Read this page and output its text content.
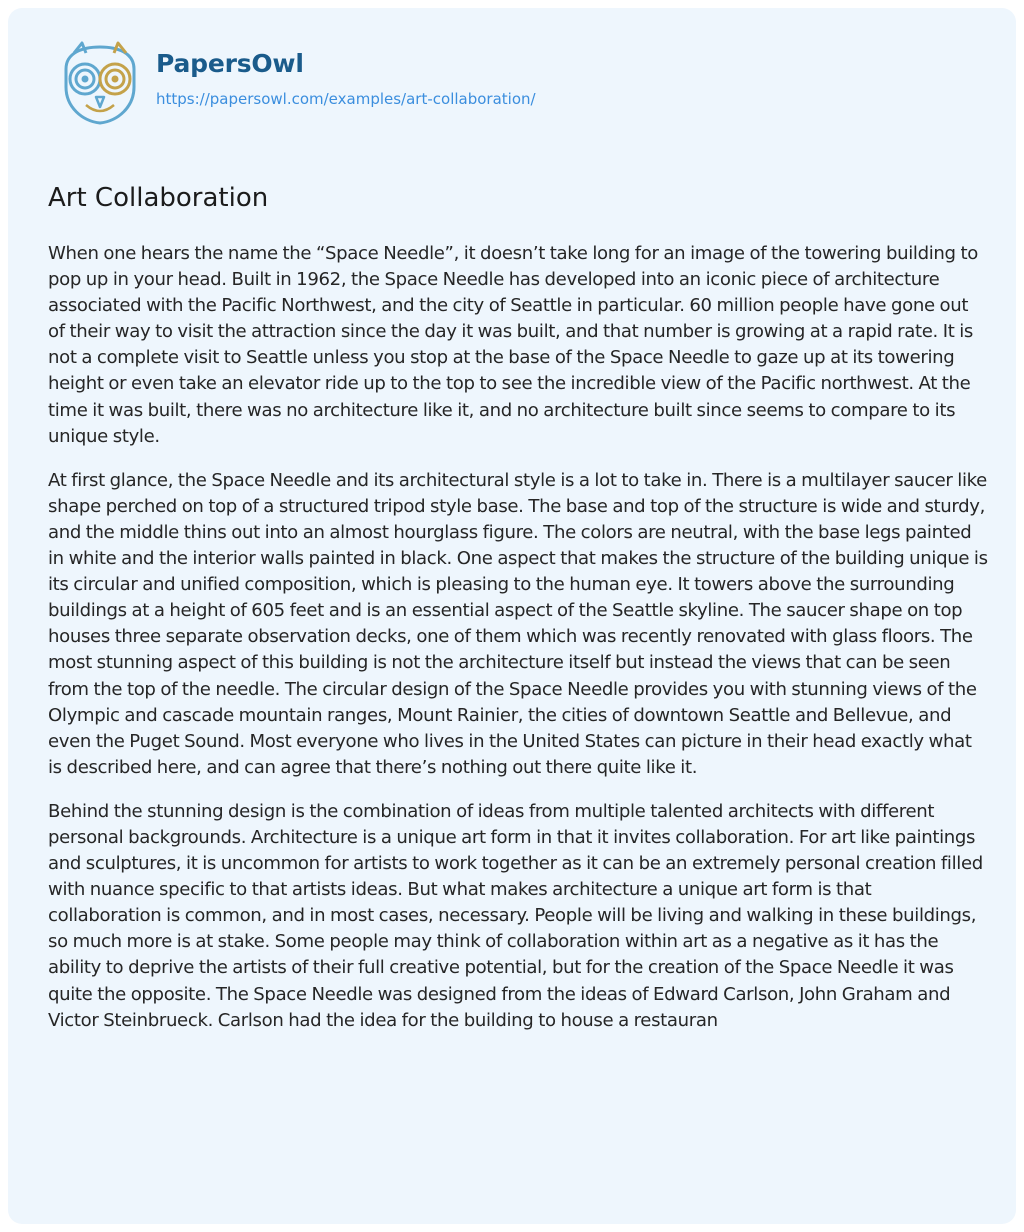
PapersOwl
https://papersowl.com/examples/art-collaboration/
Art Collaboration

When one hears the name the “Space Needle”, it doesn’t take long for an image of the towering building to pop up in your head. Built in 1962, the Space Needle has developed into an iconic piece of architecture associated with the Pacific Northwest, and the city of Seattle in particular. 60 million people have gone out of their way to visit the attraction since the day it was built, and that number is growing at a rapid rate. It is not a complete visit to Seattle unless you stop at the base of the Space Needle to gaze up at its towering height or even take an elevator ride up to the top to see the incredible view of the Pacific northwest. At the time it was built, there was no architecture like it, and no architecture built since seems to compare to its unique style.

At first glance, the Space Needle and its architectural style is a lot to take in. There is a multilayer saucer like shape perched on top of a structured tripod style base. The base and top of the structure is wide and sturdy, and the middle thins out into an almost hourglass figure. The colors are neutral, with the base legs painted in white and the interior walls painted in black. One aspect that makes the structure of the building unique is its circular and unified composition, which is pleasing to the human eye. It towers above the surrounding buildings at a height of 605 feet and is an essential aspect of the Seattle skyline. The saucer shape on top houses three separate observation decks, one of them which was recently renovated with glass floors. The most stunning aspect of this building is not the architecture itself but instead the views that can be seen from the top of the needle. The circular design of the Space Needle provides you with stunning views of the Olympic and cascade mountain ranges, Mount Rainier, the cities of downtown Seattle and Bellevue, and even the Puget Sound. Most everyone who lives in the United States can picture in their head exactly what is described here, and can agree that there’s nothing out there quite like it.

Behind the stunning design is the combination of ideas from multiple talented architects with different personal backgrounds. Architecture is a unique art form in that it invites collaboration. For art like paintings and sculptures, it is uncommon for artists to work together as it can be an extremely personal creation filled with nuance specific to that artists ideas. But what makes architecture a unique art form is that collaboration is common, and in most cases, necessary. People will be living and walking in these buildings, so much more is at stake. Some people may think of collaboration within art as a negative as it has the ability to deprive the artists of their full creative potential, but for the creation of the Space Needle it was quite the opposite. The Space Needle was designed from the ideas of Edward Carlson, John Graham and Victor Steinbrueck. Carlson had the idea for the building to house a restauran
